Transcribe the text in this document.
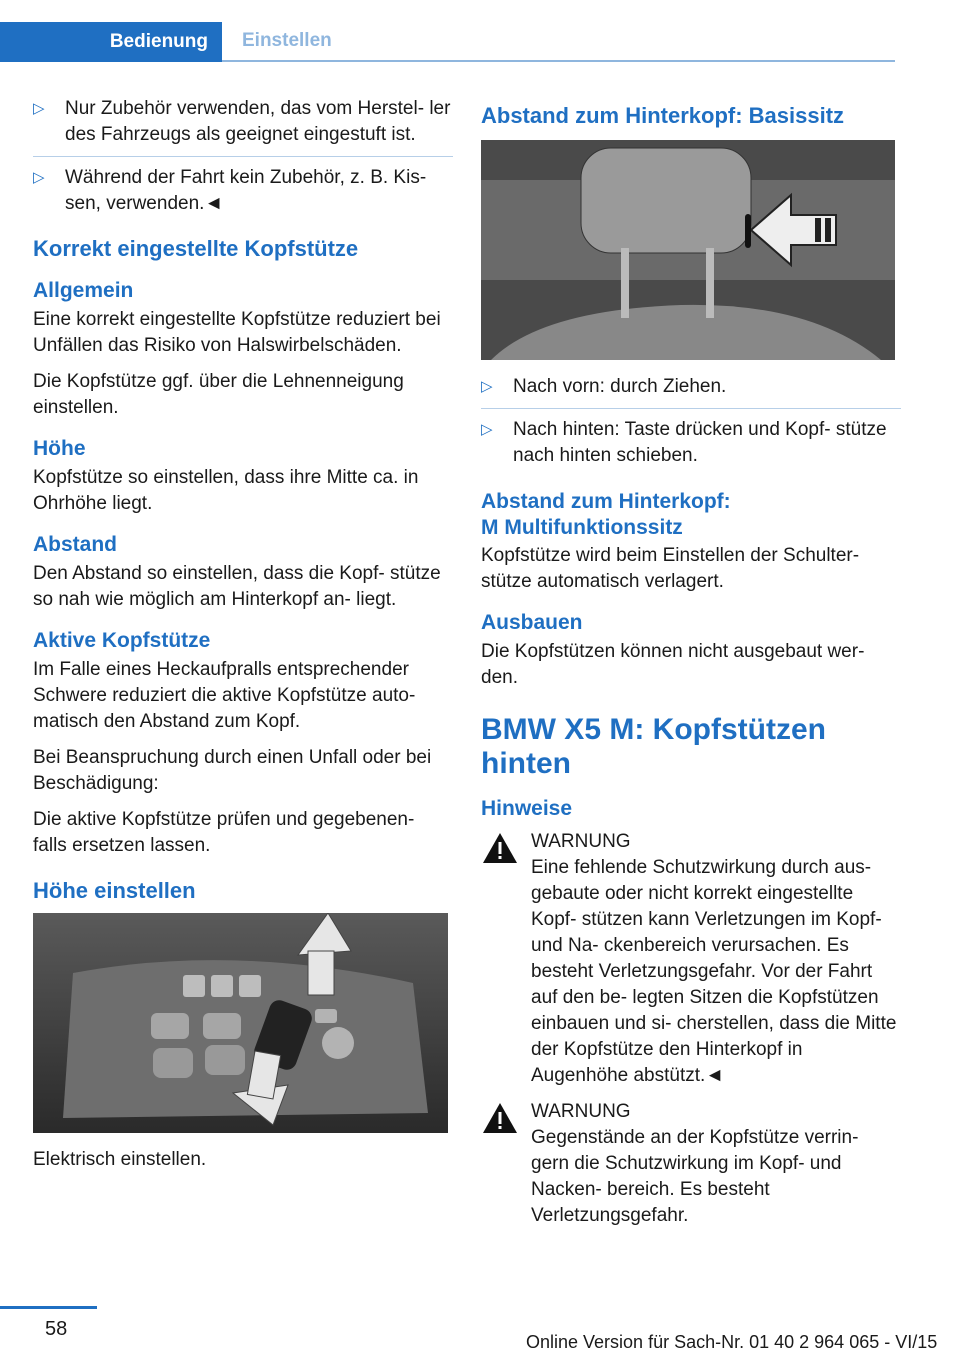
Bedienung	Einstellen
▷ Nur Zubehör verwenden, das vom Herstel‐ ler des Fahrzeugs als geeignet eingestuft ist.
▷ Während der Fahrt kein Zubehör, z. B. Kis‐ sen, verwenden.◄
Korrekt eingestellte Kopfstütze
Allgemein

Eine korrekt eingestellte Kopfstütze reduziert bei Unfällen das Risiko von Halswirbelschäden.

Die Kopfstütze ggf. über die Lehnenneigung einstellen.

Höhe

Kopfstütze so einstellen, dass ihre Mitte ca. in Ohrhöhe liegt.

Abstand

Den Abstand so einstellen, dass die Kopf‐ stütze so nah wie möglich am Hinterkopf an‐ liegt.

Aktive Kopfstütze

Im Falle eines Heckaufpralls entsprechender Schwere reduziert die aktive Kopfstütze auto‐ matisch den Abstand zum Kopf.

Bei Beanspruchung durch einen Unfall oder bei Beschädigung:

Die aktive Kopfstütze prüfen und gegebenen‐ falls ersetzen lassen.

Höhe einstellen

Elektrisch einstellen.

Abstand zum Hinterkopf: Basissitz
▷ Nach vorn: durch Ziehen.
▷ Nach hinten: Taste drücken und Kopf‐ stütze nach hinten schieben.
Abstand zum Hinterkopf:
M Multifunktionssitz

Kopfstütze wird beim Einstellen der Schulter‐ stütze automatisch verlagert.

Ausbauen

Die Kopfstützen können nicht ausgebaut wer‐ den.

BMW X5 M: Kopfstützen
hinten
Hinweise

WARNUNG

Eine fehlende Schutzwirkung durch aus‐ gebaute oder nicht korrekt eingestellte Kopf‐ stützen kann Verletzungen im Kopf- und Na‐ ckenbereich verursachen. Es besteht Verletzungsgefahr. Vor der Fahrt auf den be‐ legten Sitzen die Kopfstützen einbauen und si‐ cherstellen, dass die Mitte der Kopfstütze den Hinterkopf in Augenhöhe abstützt.◄

WARNUNG

Gegenstände an der Kopfstütze verrin‐ gern die Schutzwirkung im Kopf- und Nacken‐ bereich. Es besteht Verletzungsgefahr.

58
Online Version für Sach-Nr. 01 40 2 964 065 - VI/15
